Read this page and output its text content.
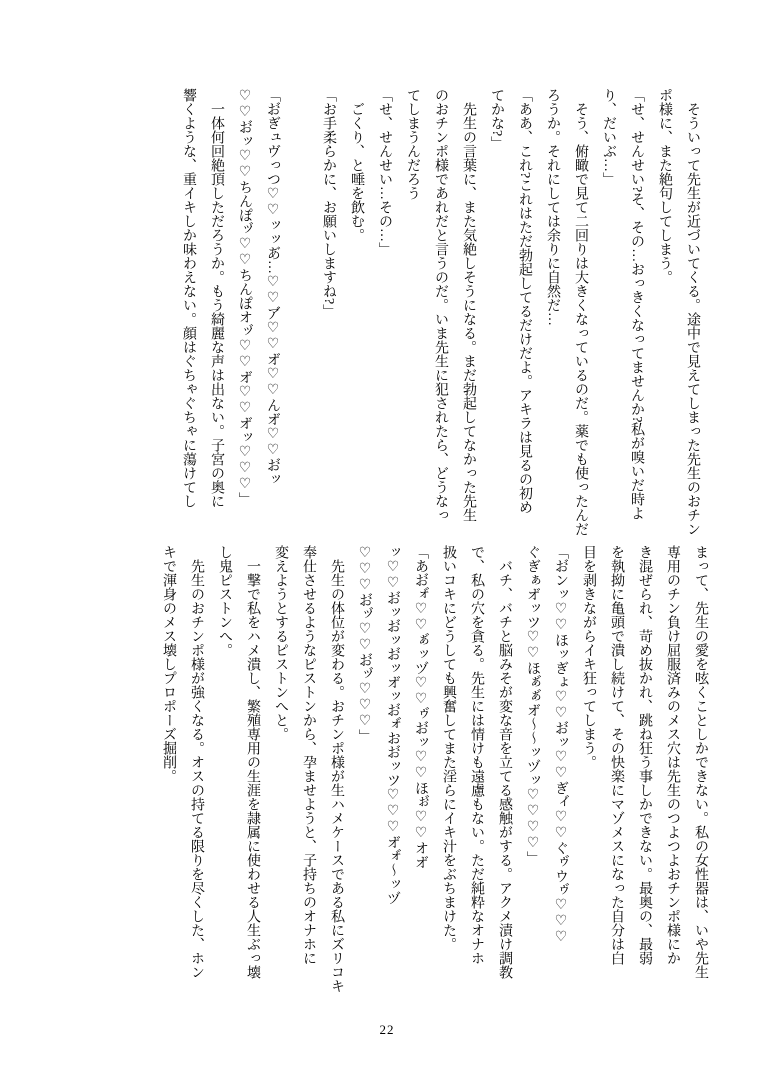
　そういって先生が近づいてくる。途中で見えてしまった先生のおチン
ポ様に、また絶句してしまう。
「せ、せんせい?そ、その…おっきくなってませんか?私が嗅いだ時よ
り、だいぶ…」
　そう、俯瞰で見て二回りは大きくなっているのだ。薬でも使ったんだ
ろうか。それにしては余りに自然だ…
「ああ、これ?これはただ勃起してるだけだよ。アキラは見るの初め
てかな?」
　先生の言葉に、また気絶しそうになる。まだ勃起してなかった先生
のおチンポ様であれだと言うのだ。いま先生に犯されたら、どうなっ
てしまうんだろう
「せ、せんせい…その…」
　ごくり、と唾を飲む。
「お手柔らかに、お願いしますね?」

「お゙ぎュヴっつ♡♡ッッあ゙…♡♡ア゙♡♡オ゙♡♡んオ゙♡♡お゙ッ
♡♡お゙ッ♡♡ちんぽッ゙♡♡ちんぽオッ゙♡♡オ゙♡♡オ゙ッ♡♡♡」
　一体何回絶頂しただろうか。もう綺麗な声は出ない。子宮の奥に
響くような、重イキしか味わえない。顔はぐちゃぐちゃに蕩けてし
まって、先生の愛を呟くことしかできない。私の女性器は、いや先生
専用のチン負け屈服済みのメス穴は先生のつよつよおチンポ様にか
き混ぜられ、苛め抜かれ、跳ね狂う事しかできない。最奥の、最弱
を執拗に亀頭で潰し続けて、その快楽にマゾメスになった自分は白
目を剥きながらイキ狂ってしまう。
「お゙ンッ♡♡ほッぎょ♡♡お゙ッ♡♡ぎィ゙♡♡ぐゥ゙ウゥ゙♡♡♡
ぐぎぁオ゙ッツ♡♡ほぁ゙ぁ゙オ゙〜〜ッヅッ♡♡♡♡」
　バチ、バチと脳みそが変な音を立てる感触がする。アクメ漬け調教
で、私の穴を貪る。先生には情けも遠慮もない。ただ純粋なオナホ
扱いコキにどうしても興奮してまた淫らにイキ汁をぶちまけた。
「あお゙ォ゙♡♡ぁ゙ッヅ♡♡ゥ゙お゙ッ♡♡ほぉ゙♡♡オオ゙
ッ♡♡お゙ッお゙ッお゙ッオ゙ッお゙ォ゙おお゙ッツ♡♡♡オ゙ォ゙〜ッヅ
♡♡♡お゙ッ゙♡♡お゙ッ゙♡♡♡」
　先生の体位が変わる。おチンポ様が生ハメケースである私にズリコキ
奉仕させるようなピストンから、孕ませようと、子持ちのオナホに
変えようとするピストンへと。
　一撃で私をハメ潰し、繁殖専用の生涯を隷属に使わせる人生ぶっ壊
し鬼ピストンへ。
　先生のおチンポ様が強くなる。オスの持てる限りを尽くした、ホン
キで渾身のメス壊しプロポーズ掘削。
22
